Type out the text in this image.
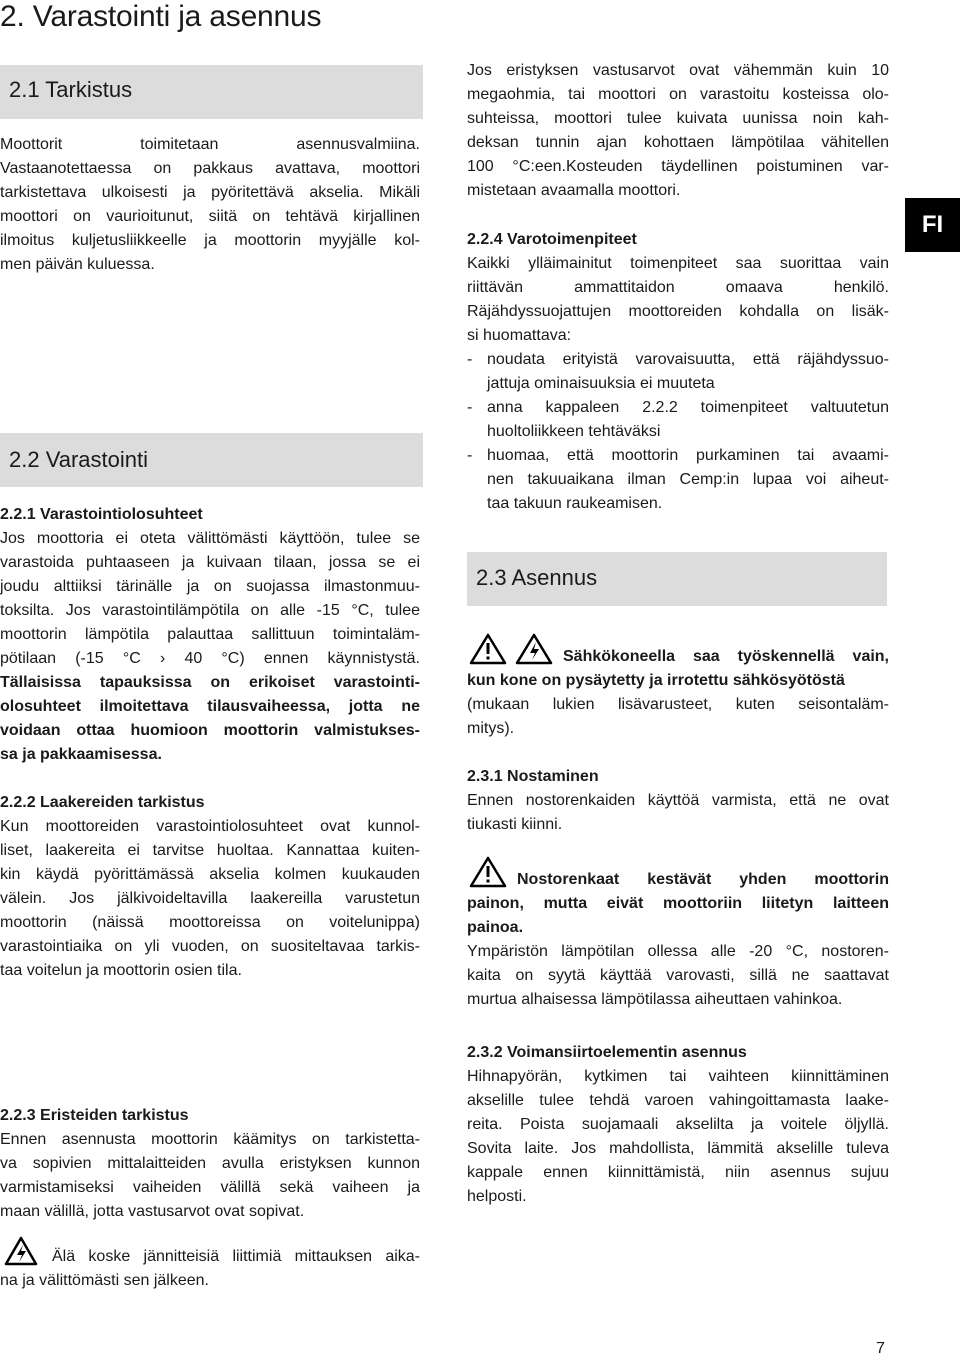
2. Varastointi ja asennus
FI
2.1 Tarkistus

Moottorit toimitetaan asennusvalmiina.

Vastaanotettaessa on pakkaus avattava, moottori

tarkistettava ulkoisesti ja pyöritettävä akselia. Mikäli

moottori on vaurioitunut, siitä on tehtävä kirjallinen

ilmoitus kuljetusliikkeelle ja moottorin myyjälle kol-

men päivän kuluessa.

2.2 Varastointi

2.2.1 Varastointiolosuhteet

Jos moottoria ei oteta välittömästi käyttöön, tulee se

varastoida puhtaaseen ja kuivaan tilaan, jossa se ei

joudu alttiiksi tärinälle ja on suojassa ilmastonmuu-

toksilta. Jos varastointilämpötila on alle -15 °C, tulee

moottorin lämpötila palauttaa sallittuun toimintaläm-

pötilaan (-15 °C › 40 °C) ennen käynnistystä.

Tällaisissa tapauksissa on erikoiset varastointi-

olosuhteet ilmoitettava tilausvaiheessa, jotta ne

voidaan ottaa huomioon moottorin valmistukses-

sa ja pakkaamisessa.

2.2.2 Laakereiden tarkistus

Kun moottoreiden varastointiolosuhteet ovat kunnol-

liset, laakereita ei tarvitse huoltaa. Kannattaa kuiten-

kin käydä pyörittämässä akselia kolmen kuukauden

välein. Jos jälkivoideltavilla laakereilla varustetun

moottorin (näissä moottoreissa on voitelunippa)

varastointiaika on yli vuoden, on suositeltavaa tarkis-

taa voitelun ja moottorin osien tila.

2.2.3 Eristeiden tarkistus

Ennen asennusta moottorin käämitys on tarkistetta-

va sopivien mittalaitteiden avulla eristyksen kunnon

varmistamiseksi vaiheiden välillä sekä vaiheen ja

maan välillä, jotta vastusarvot ovat sopivat.

Älä koske jännitteisiä liittimiä mittauksen aika-

na ja välittömästi sen jälkeen.

Jos eristyksen vastusarvot ovat vähemmän kuin 10

megaohmia, tai moottori on varastoitu kosteissa olo-

suhteissa, moottori tulee kuivata uunissa noin kah-

deksan tunnin ajan kohottaen lämpötilaa vähitellen

100 °C:een.Kosteuden täydellinen poistuminen var-

mistetaan avaamalla moottori.

2.2.4 Varotoimenpiteet

Kaikki ylläimainitut toimenpiteet saa suorittaa vain

riittävän ammattitaidon omaava henkilö.

Räjähdyssuojattujen moottoreiden kohdalla on lisäk-

si huomattava:

- noudata erityistä varovaisuutta, että räjähdyssuo-

jattuja ominaisuuksia ei muuteta

- anna kappaleen 2.2.2 toimenpiteet valtuutetun

huoltoliikkeen tehtäväksi

- huomaa, että moottorin purkaminen tai avaami-

nen takuuaikana ilman Cemp:in lupaa voi aiheut-

taa takuun raukeamisen.

2.3 Asennus

Sähkökoneella saa työskennellä vain,

kun kone on pysäytetty ja irrotettu sähkösyötöstä

(mukaan lukien lisävarusteet, kuten seisontaläm-

mitys).

2.3.1 Nostaminen

Ennen nostorenkaiden käyttöä varmista, että ne ovat

tiukasti kiinni.

Nostorenkaat kestävät yhden moottorin

painon, mutta eivät moottoriin liitetyn laitteen

painoa.

Ympäristön lämpötilan ollessa alle -20 °C, nostoren-

kaita on syytä käyttää varovasti, sillä ne saattavat

murtua alhaisessa lämpötilassa aiheuttaen vahinkoa.

2.3.2 Voimansiirtoelementin asennus

Hihnapyörän, kytkimen tai vaihteen kiinnittäminen

akselille tulee tehdä varoen vahingoittamasta laake-

reita. Poista suojamaali akselilta ja voitele öljyllä.

Sovita laite. Jos mahdollista, lämmitä akselille tuleva

kappale ennen kiinnittämistä, niin asennus sujuu

helposti.

7
